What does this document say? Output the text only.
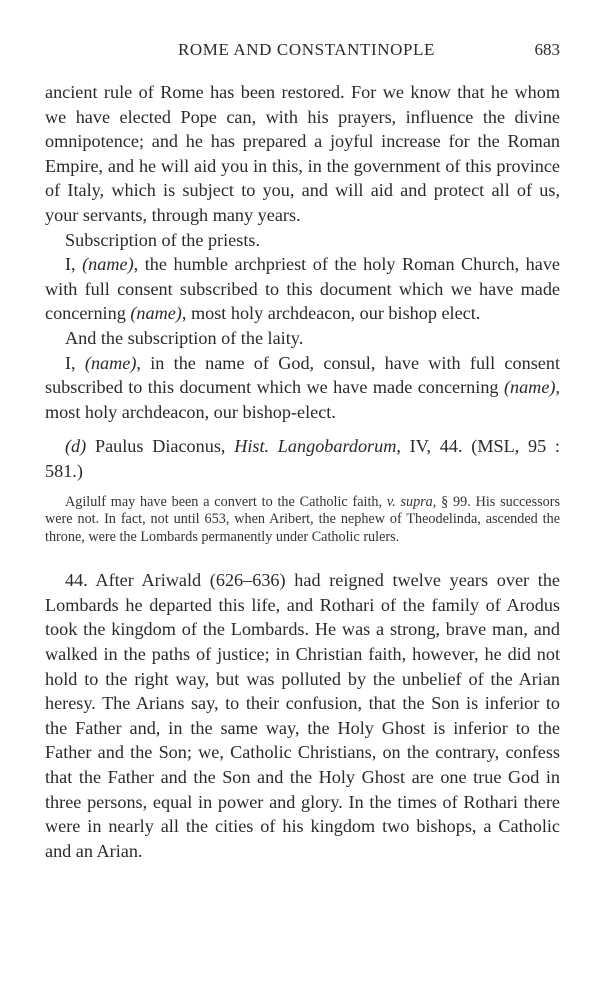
ROME AND CONSTANTINOPLE	683

ancient rule of Rome has been restored. For we know that he whom we have elected Pope can, with his prayers, influence the divine omnipotence; and he has prepared a joyful increase for the Roman Empire, and he will aid you in this, in the government of this province of Italy, which is subject to you, and will aid and protect all of us, your servants, through many years.

Subscription of the priests.

I, (name), the humble archpriest of the holy Roman Church, have with full consent subscribed to this document which we have made concerning (name), most holy archdeacon, our bishop elect.

And the subscription of the laity.

I, (name), in the name of God, consul, have with full consent subscribed to this document which we have made concerning (name), most holy archdeacon, our bishop-elect.

(d) Paulus Diaconus, Hist. Langobardorum, IV, 44. (MSL, 95 : 581.)

Agilulf may have been a convert to the Catholic faith, v. supra, § 99. His successors were not. In fact, not until 653, when Aribert, the nephew of Theodelinda, ascended the throne, were the Lombards permanently under Catholic rulers.

44. After Ariwald (626–636) had reigned twelve years over the Lombards he departed this life, and Rothari of the family of Arodus took the kingdom of the Lombards. He was a strong, brave man, and walked in the paths of justice; in Christian faith, however, he did not hold to the right way, but was polluted by the unbelief of the Arian heresy. The Arians say, to their confusion, that the Son is inferior to the Father and, in the same way, the Holy Ghost is inferior to the Father and the Son; we, Catholic Christians, on the contrary, confess that the Father and the Son and the Holy Ghost are one true God in three persons, equal in power and glory. In the times of Rothari there were in nearly all the cities of his kingdom two bishops, a Catholic and an Arian.
